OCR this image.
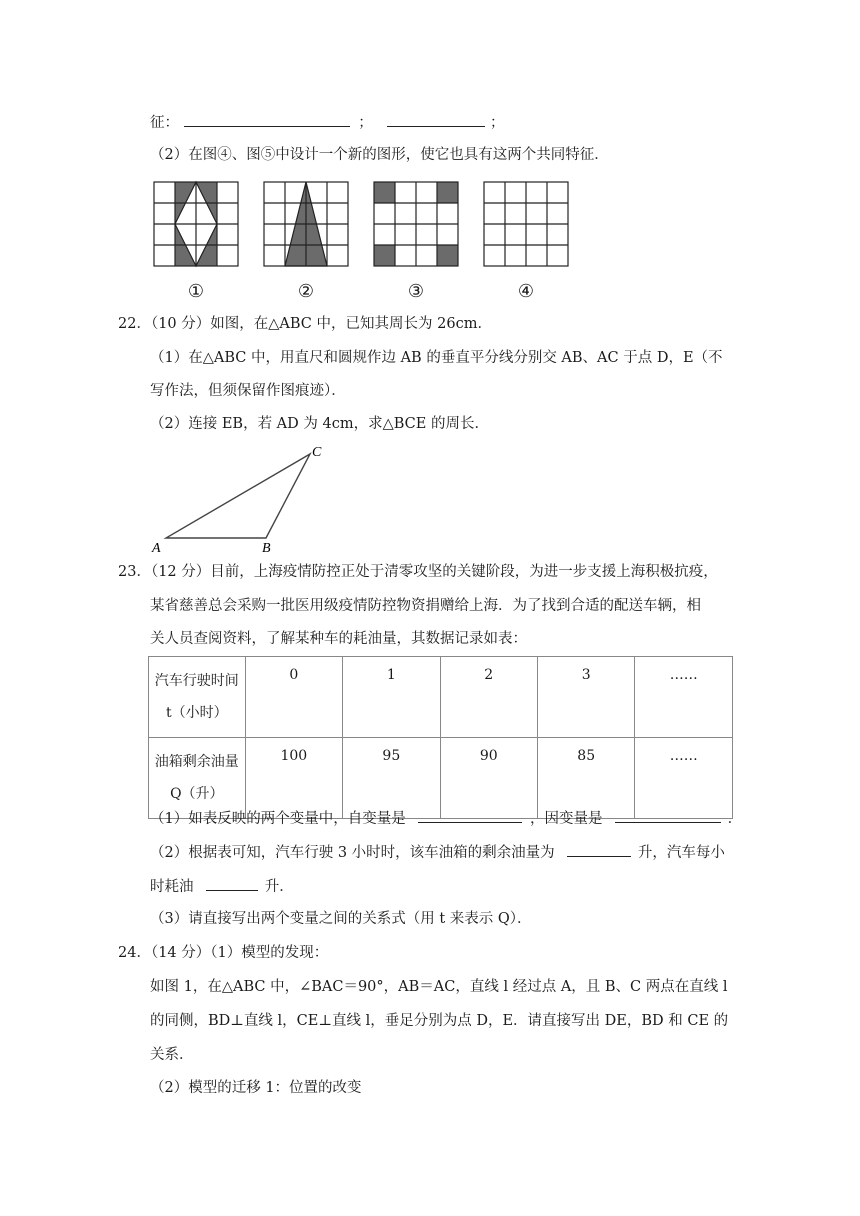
征：	；	；
（2）在图④、图⑤中设计一个新的图形，使它也具有这两个共同特征．
①	②	③	④
22．（10 分）如图，在△ABC 中，已知其周长为 26cm．
（1）在△ABC 中，用直尺和圆规作边 AB 的垂直平分线分别交 AB、AC 于点 D，E（不
写作法，但须保留作图痕迹）．
（2）连接 EB，若 AD 为 4cm，求△BCE 的周长．
A	B
C
23．（12 分）目前，上海疫情防控正处于清零攻坚的关键阶段，为进一步支援上海积极抗疫，
某省慈善总会采购一批医用级疫情防控物资捐赠给上海．为了找到合适的配送车辆，相
关人员查阅资料，了解某种车的耗油量，其数据记录如表：
汽车行驶时间
t（小时）	0	1	2	3	……

油箱剩余油量
Q（升）	100	95	90	85	……
（1）如表反映的两个变量中，自变量是	，因变量是	．
（2）根据表可知，汽车行驶 3 小时时，该车油箱的剩余油量为	升，汽车每小
时耗油	升．
（3）请直接写出两个变量之间的关系式（用 t 来表示 Q）．
24．（14 分）（1）模型的发现：
如图 1，在△ABC 中，∠BAC＝90°，AB＝AC，直线 l 经过点 A，且 B、C 两点在直线 l
的同侧，BD⊥直线 l，CE⊥直线 l，垂足分别为点 D，E．请直接写出 DE，BD 和 CE 的
关系．
（2）模型的迁移 1：位置的改变
